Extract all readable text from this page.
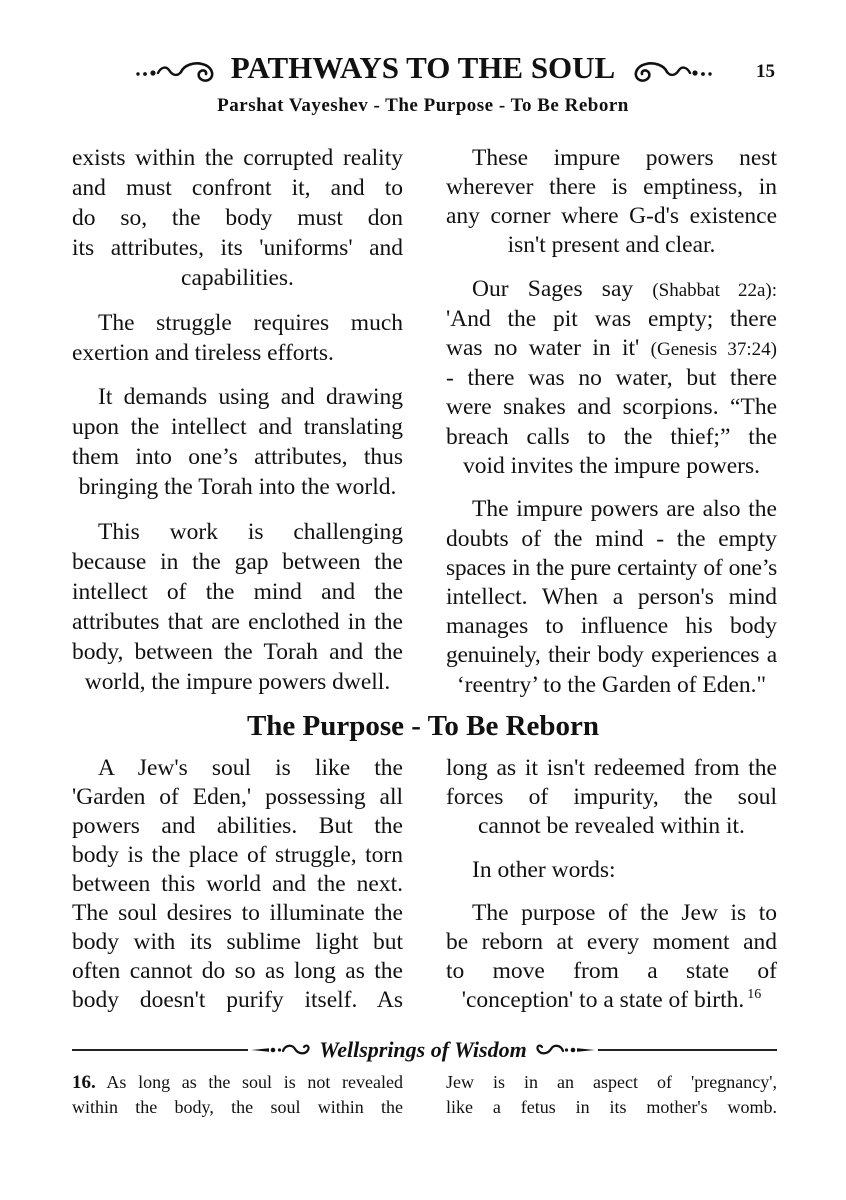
PATHWAYS TO THE SOUL	15
Parshat Vayeshev - The Purpose - To Be Reborn
exists within the corrupted reality
and must confront it, and to
do so, the body must don
its attributes, its 'uniforms' and
capabilities.
The struggle requires much
exertion and tireless efforts.
It demands using and drawing
upon the intellect and translating
them into one’s attributes, thus
bringing the Torah into the world.
This work is challenging
because in the gap between the
intellect of the mind and the
attributes that are enclothed in the
body, between the Torah and the
world, the impure powers dwell.
These impure powers nest
wherever there is emptiness, in
any corner where G-d's existence
isn't present and clear.
Our Sages say (Shabbat 22a):
'And the pit was empty; there
was no water in it' (Genesis 37:24)
- there was no water, but there
were snakes and scorpions. “The
breach calls to the thief;” the
void invites the impure powers.
The impure powers are also the
doubts of the mind - the empty
spaces in the pure certainty of one’s
intellect. When a person's mind
manages to influence his body
genuinely, their body experiences a
‘reentry’ to the Garden of Eden."
The Purpose - To Be Reborn
A Jew's soul is like the
'Garden of Eden,' possessing all
powers and abilities. But the
body is the place of struggle, torn
between this world and the next.
The soul desires to illuminate the
body with its sublime light but
often cannot do so as long as the
body doesn't purify itself. As
long as it isn't redeemed from the
forces of impurity, the soul
cannot be revealed within it.
In other words:
The purpose of the Jew is to
be reborn at every moment and
to move from a state of
'conception' to a state of birth. $^{16}$
Wellsprings of Wisdom
16. As long as the soul is not revealed
within the body, the soul within the
Jew is in an aspect of 'pregnancy',
like a fetus in its mother's womb.
